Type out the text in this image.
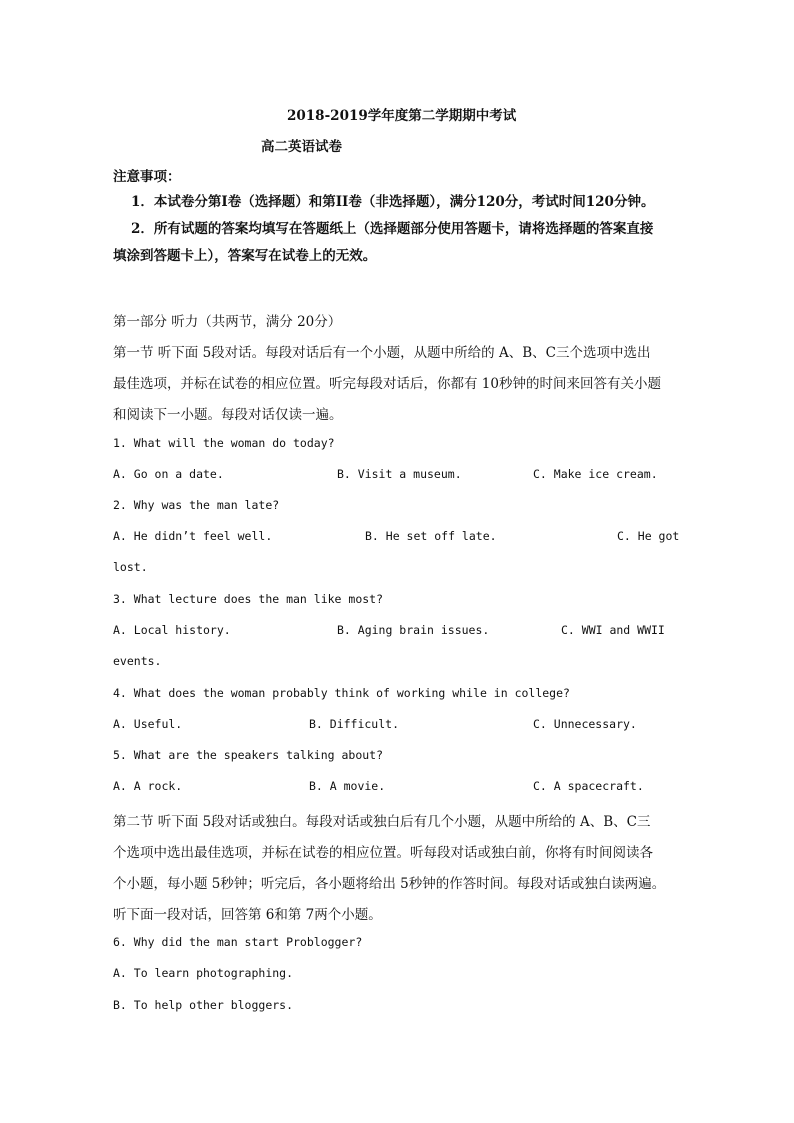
2018-2019学年度第二学期期中考试
高二英语试卷
注意事项：
1．本试卷分第Ⅰ卷（选择题）和第II卷（非选择题），满分120分，考试时间120分钟。
2．所有试题的答案均填写在答题纸上（选择题部分使用答题卡，请将选择题的答案直接
填涂到答题卡上），答案写在试卷上的无效。
第一部分 听力（共两节，满分 20分）
第一节 听下面 5段对话。每段对话后有一个小题，从题中所给的 A、B、C三个选项中选出
最佳选项，并标在试卷的相应位置。听完每段对话后，你都有 10秒钟的时间来回答有关小题
和阅读下一小题。每段对话仅读一遍。
1. What will the woman do today?
A. Go on a date.	B. Visit a museum.	C. Make ice cream.
2. Why was the man late?
A. He didn’t feel well.	B. He set off late.	C. He got
lost.
3. What lecture does the man like most?
A. Local history.	B. Aging brain issues.	C. WWI and WWII
events.
4. What does the woman probably think of working while in college?
A. Useful.	B. Difficult.	C. Unnecessary.
5. What are the speakers talking about?
A. A rock.	B. A movie.	C. A spacecraft.
第二节 听下面 5段对话或独白。每段对话或独白后有几个小题，从题中所给的 A、B、C三
个选项中选出最佳选项，并标在试卷的相应位置。听每段对话或独白前，你将有时间阅读各
个小题，每小题 5秒钟；听完后，各小题将给出 5秒钟的作答时间。每段对话或独白读两遍。
听下面一段对话，回答第 6和第 7两个小题。
6. Why did the man start Problogger?
A. To learn photographing.
B. To help other bloggers.
